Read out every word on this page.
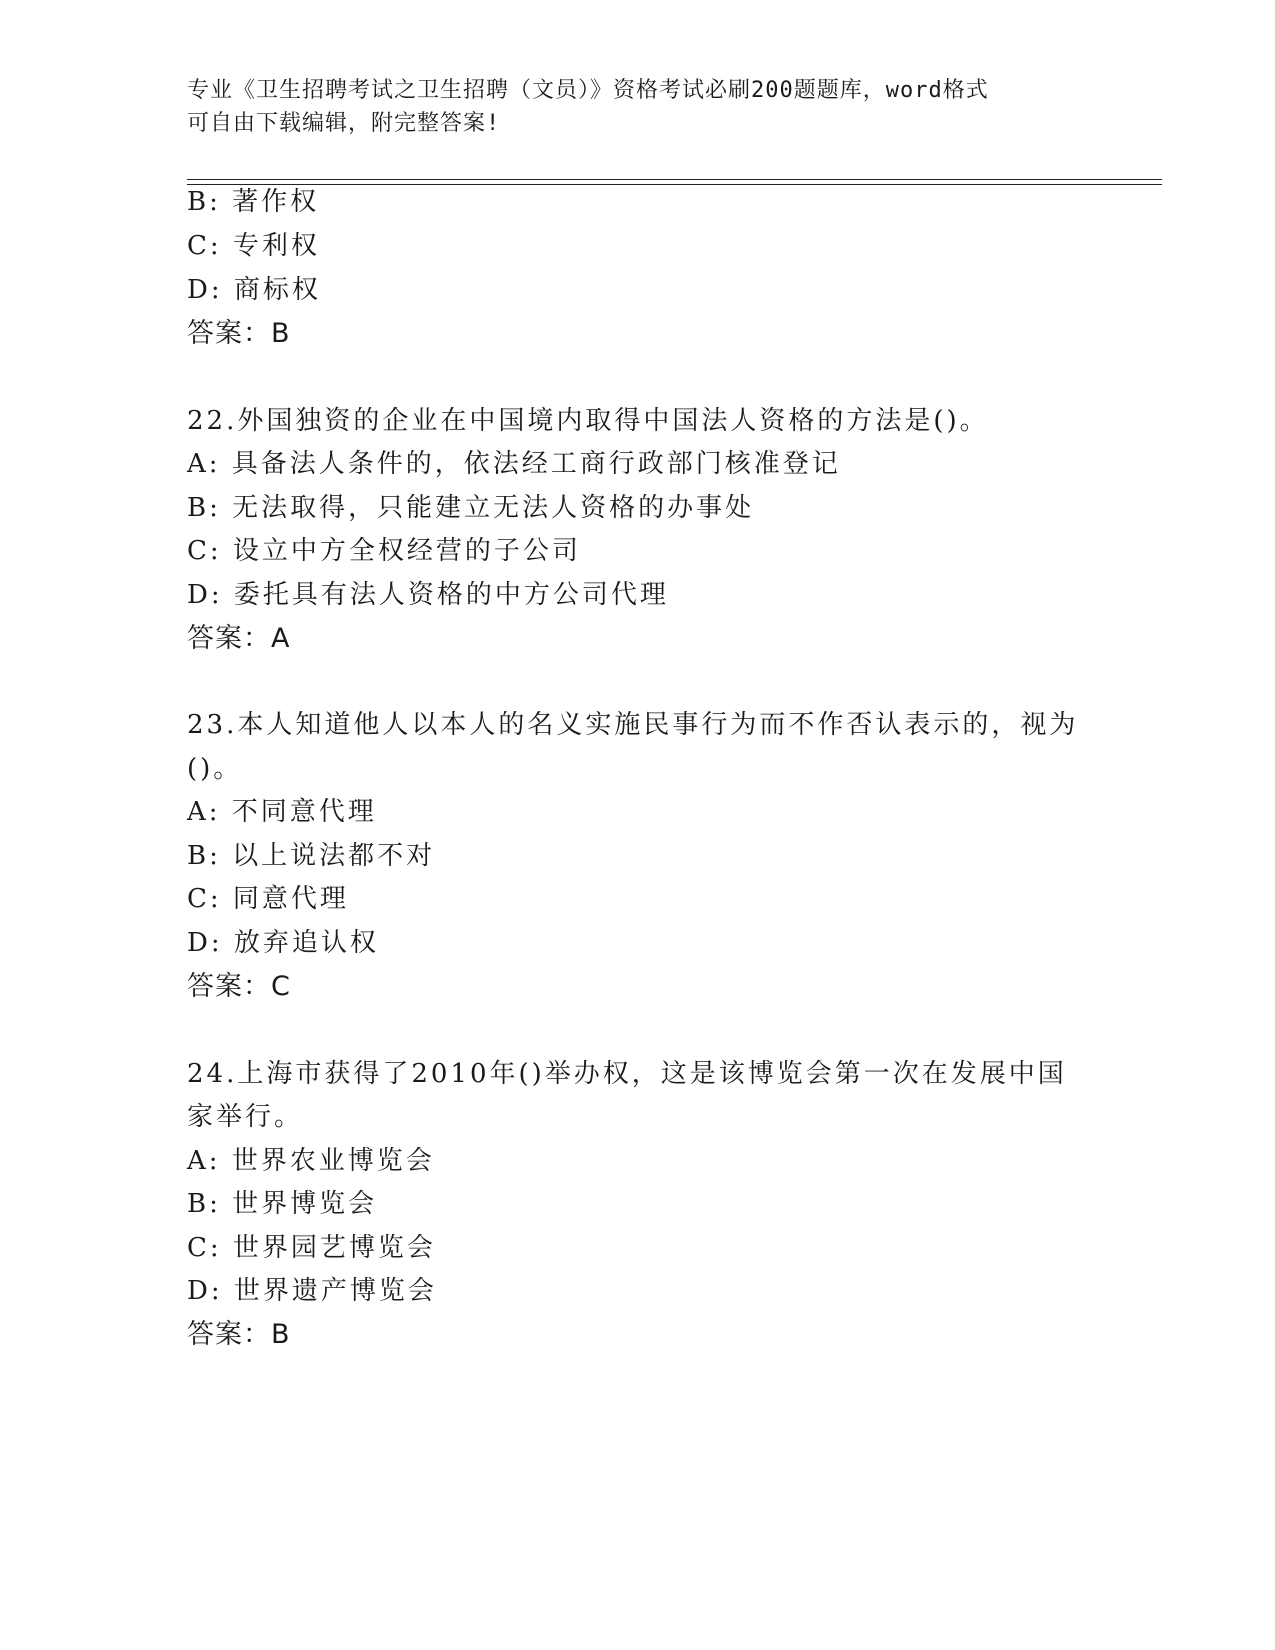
专业《卫生招聘考试之卫生招聘（文员）》资格考试必刷200题题库，word格式
可自由下载编辑，附完整答案!
B: 著作权
C: 专利权
D: 商标权
答案：B
22.外国独资的企业在中国境内取得中国法人资格的方法是()。
A: 具备法人条件的，依法经工商行政部门核准登记
B: 无法取得，只能建立无法人资格的办事处
C: 设立中方全权经营的子公司
D: 委托具有法人资格的中方公司代理
答案：A
23.本人知道他人以本人的名义实施民事行为而不作否认表示的，视为
()。
A: 不同意代理
B: 以上说法都不对
C: 同意代理
D: 放弃追认权
答案：C
24.上海市获得了2010年()举办权，这是该博览会第一次在发展中国
家举行。
A: 世界农业博览会
B: 世界博览会
C: 世界园艺博览会
D: 世界遗产博览会
答案：B
